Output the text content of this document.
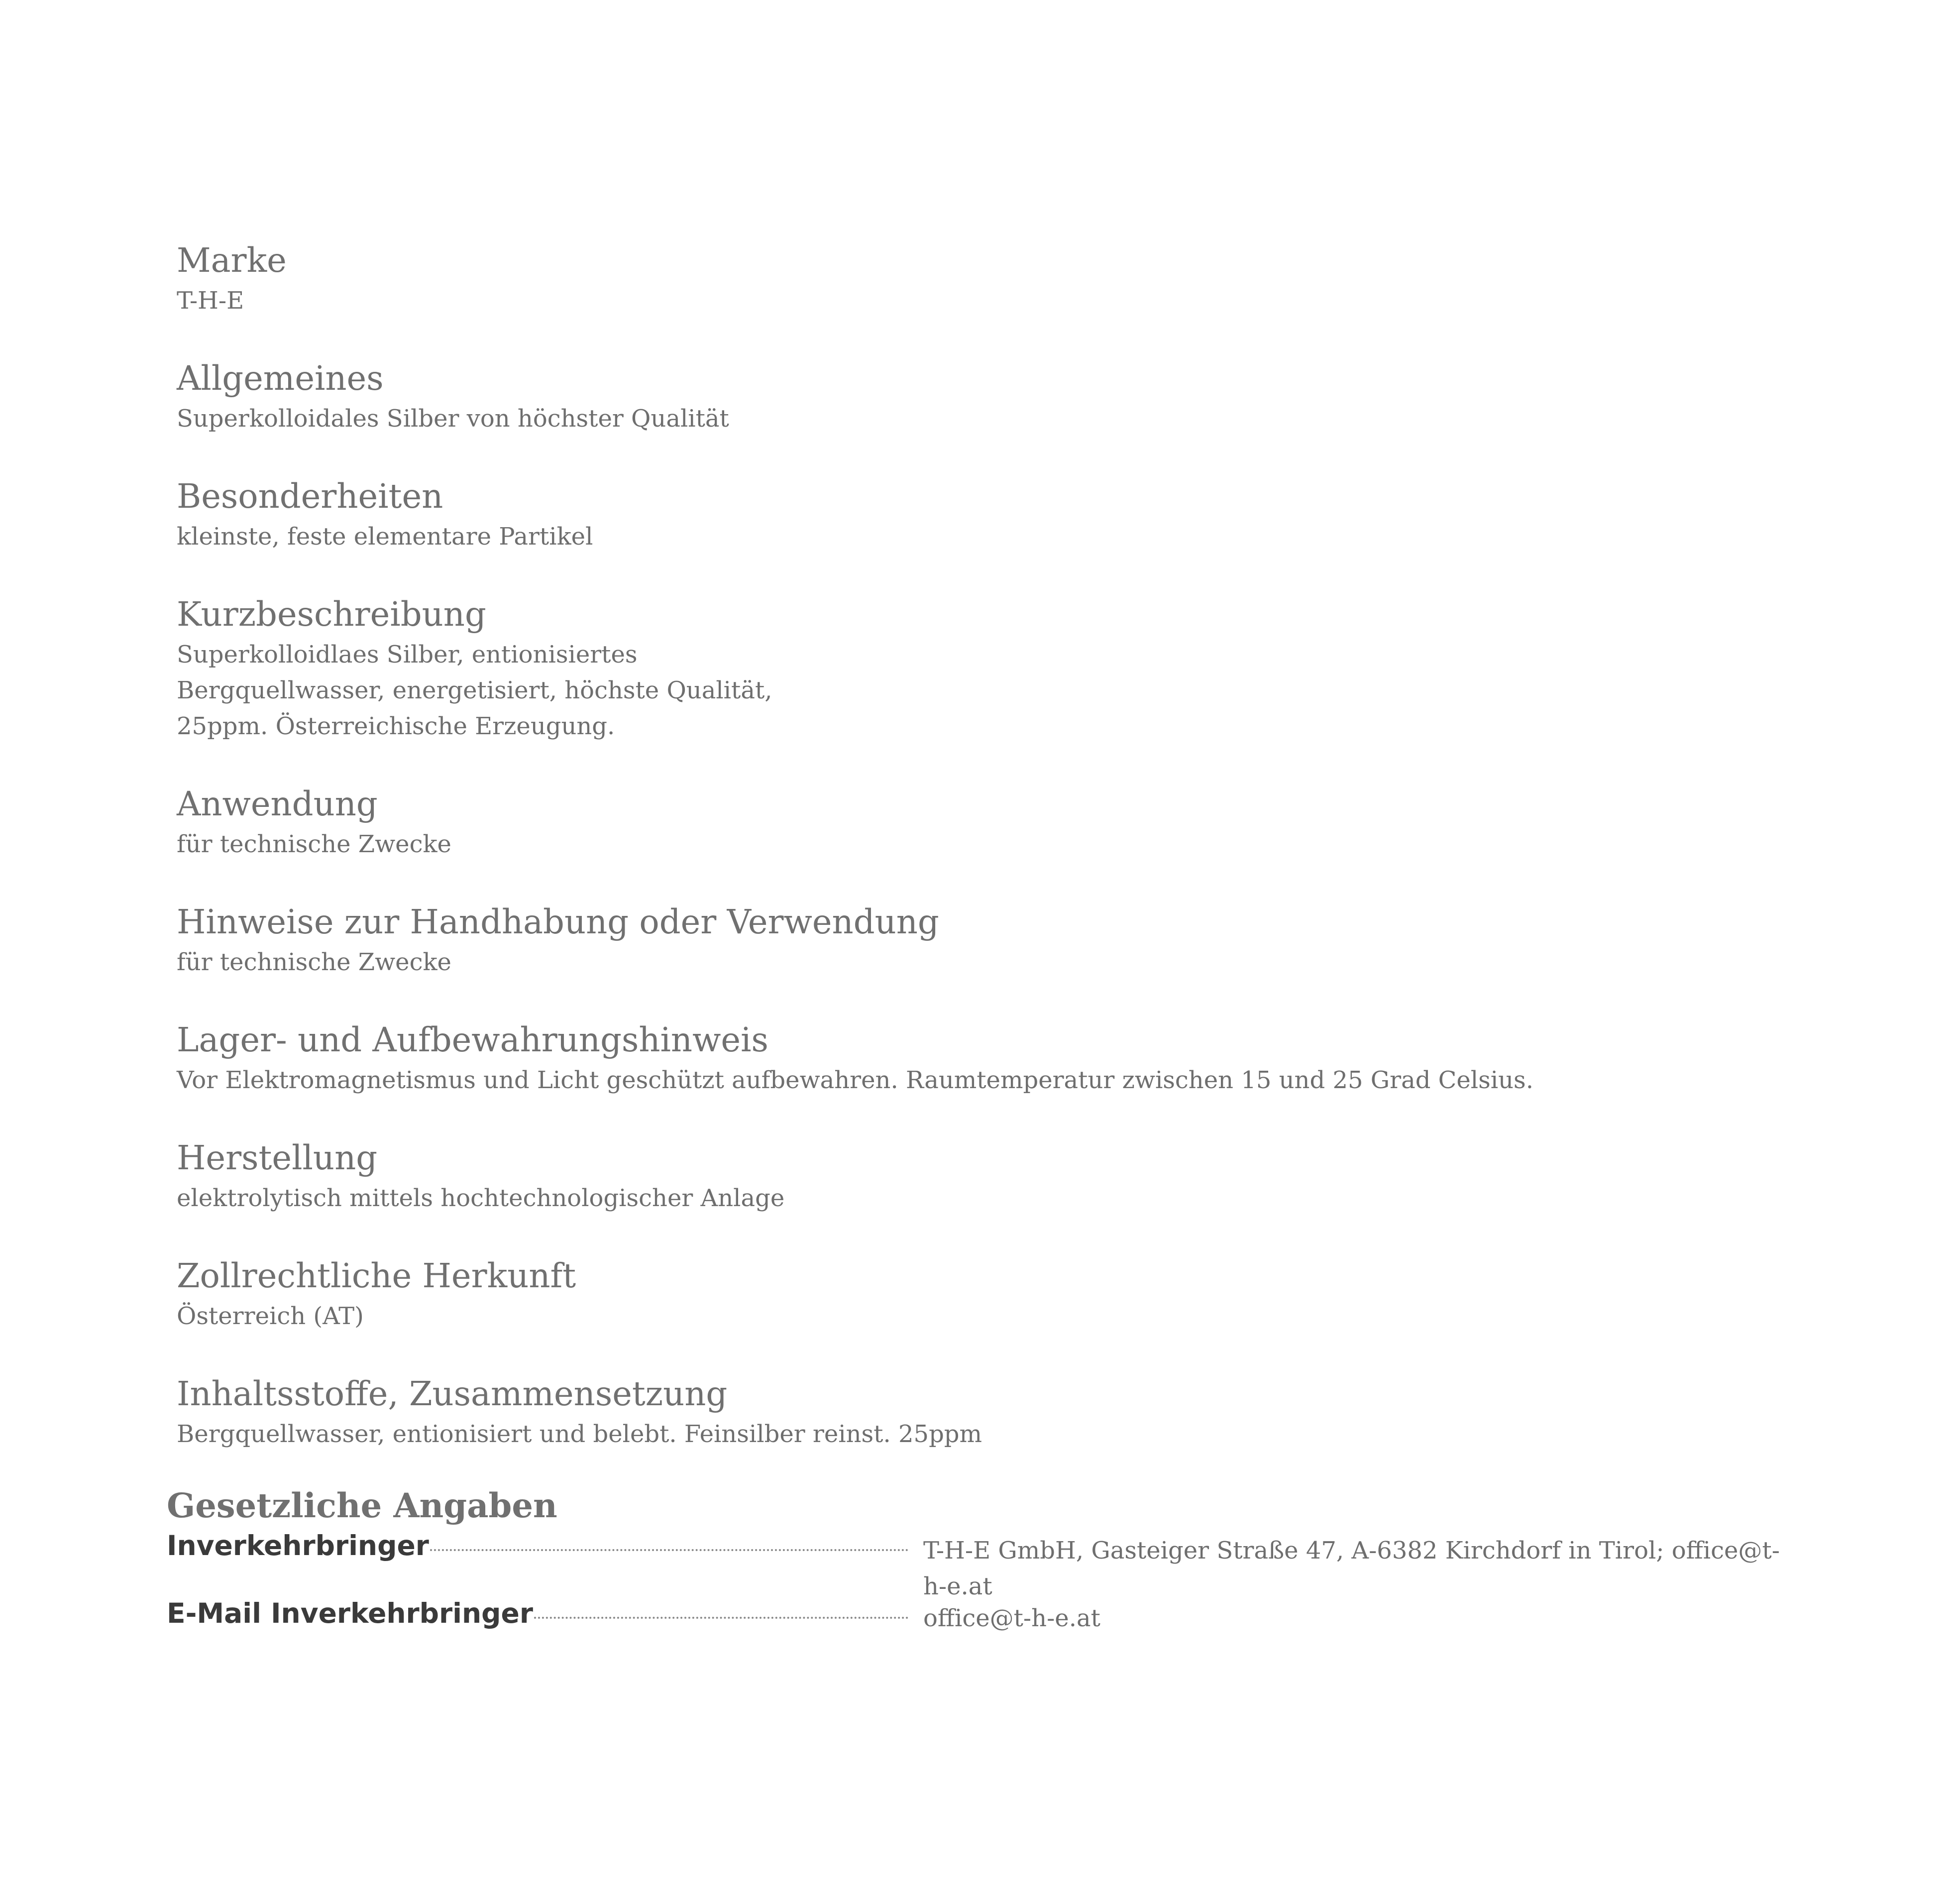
Marke

T-H-E

Allgemeines

Superkolloidales Silber von höchster Qualität

Besonderheiten

kleinste, feste elementare Partikel

Kurzbeschreibung

Superkolloidlaes Silber, entionisiertes Bergquellwasser, energetisiert, höchste Qualität, 25ppm. Österreichische Erzeugung.

Anwendung

für technische Zwecke

Hinweise zur Handhabung oder Verwendung

für technische Zwecke

Lager- und Aufbewahrungshinweis

Vor Elektromagnetismus und Licht geschützt aufbewahren. Raumtemperatur zwischen 15 und 25 Grad Celsius.

Herstellung

elektrolytisch mittels hochtechnologischer Anlage

Zollrechtliche Herkunft

Österreich (AT)

Inhaltsstoffe, Zusammensetzung

Bergquellwasser, entionisiert und belebt. Feinsilber reinst. 25ppm

Gesetzliche Angaben
Inverkehrbringer	T-H-E GmbH, Gasteiger Straße 47, A-6382 Kirchdorf in Tirol; office@t-h-e.at
E-Mail Inverkehrbringer	office@t-h-e.at
